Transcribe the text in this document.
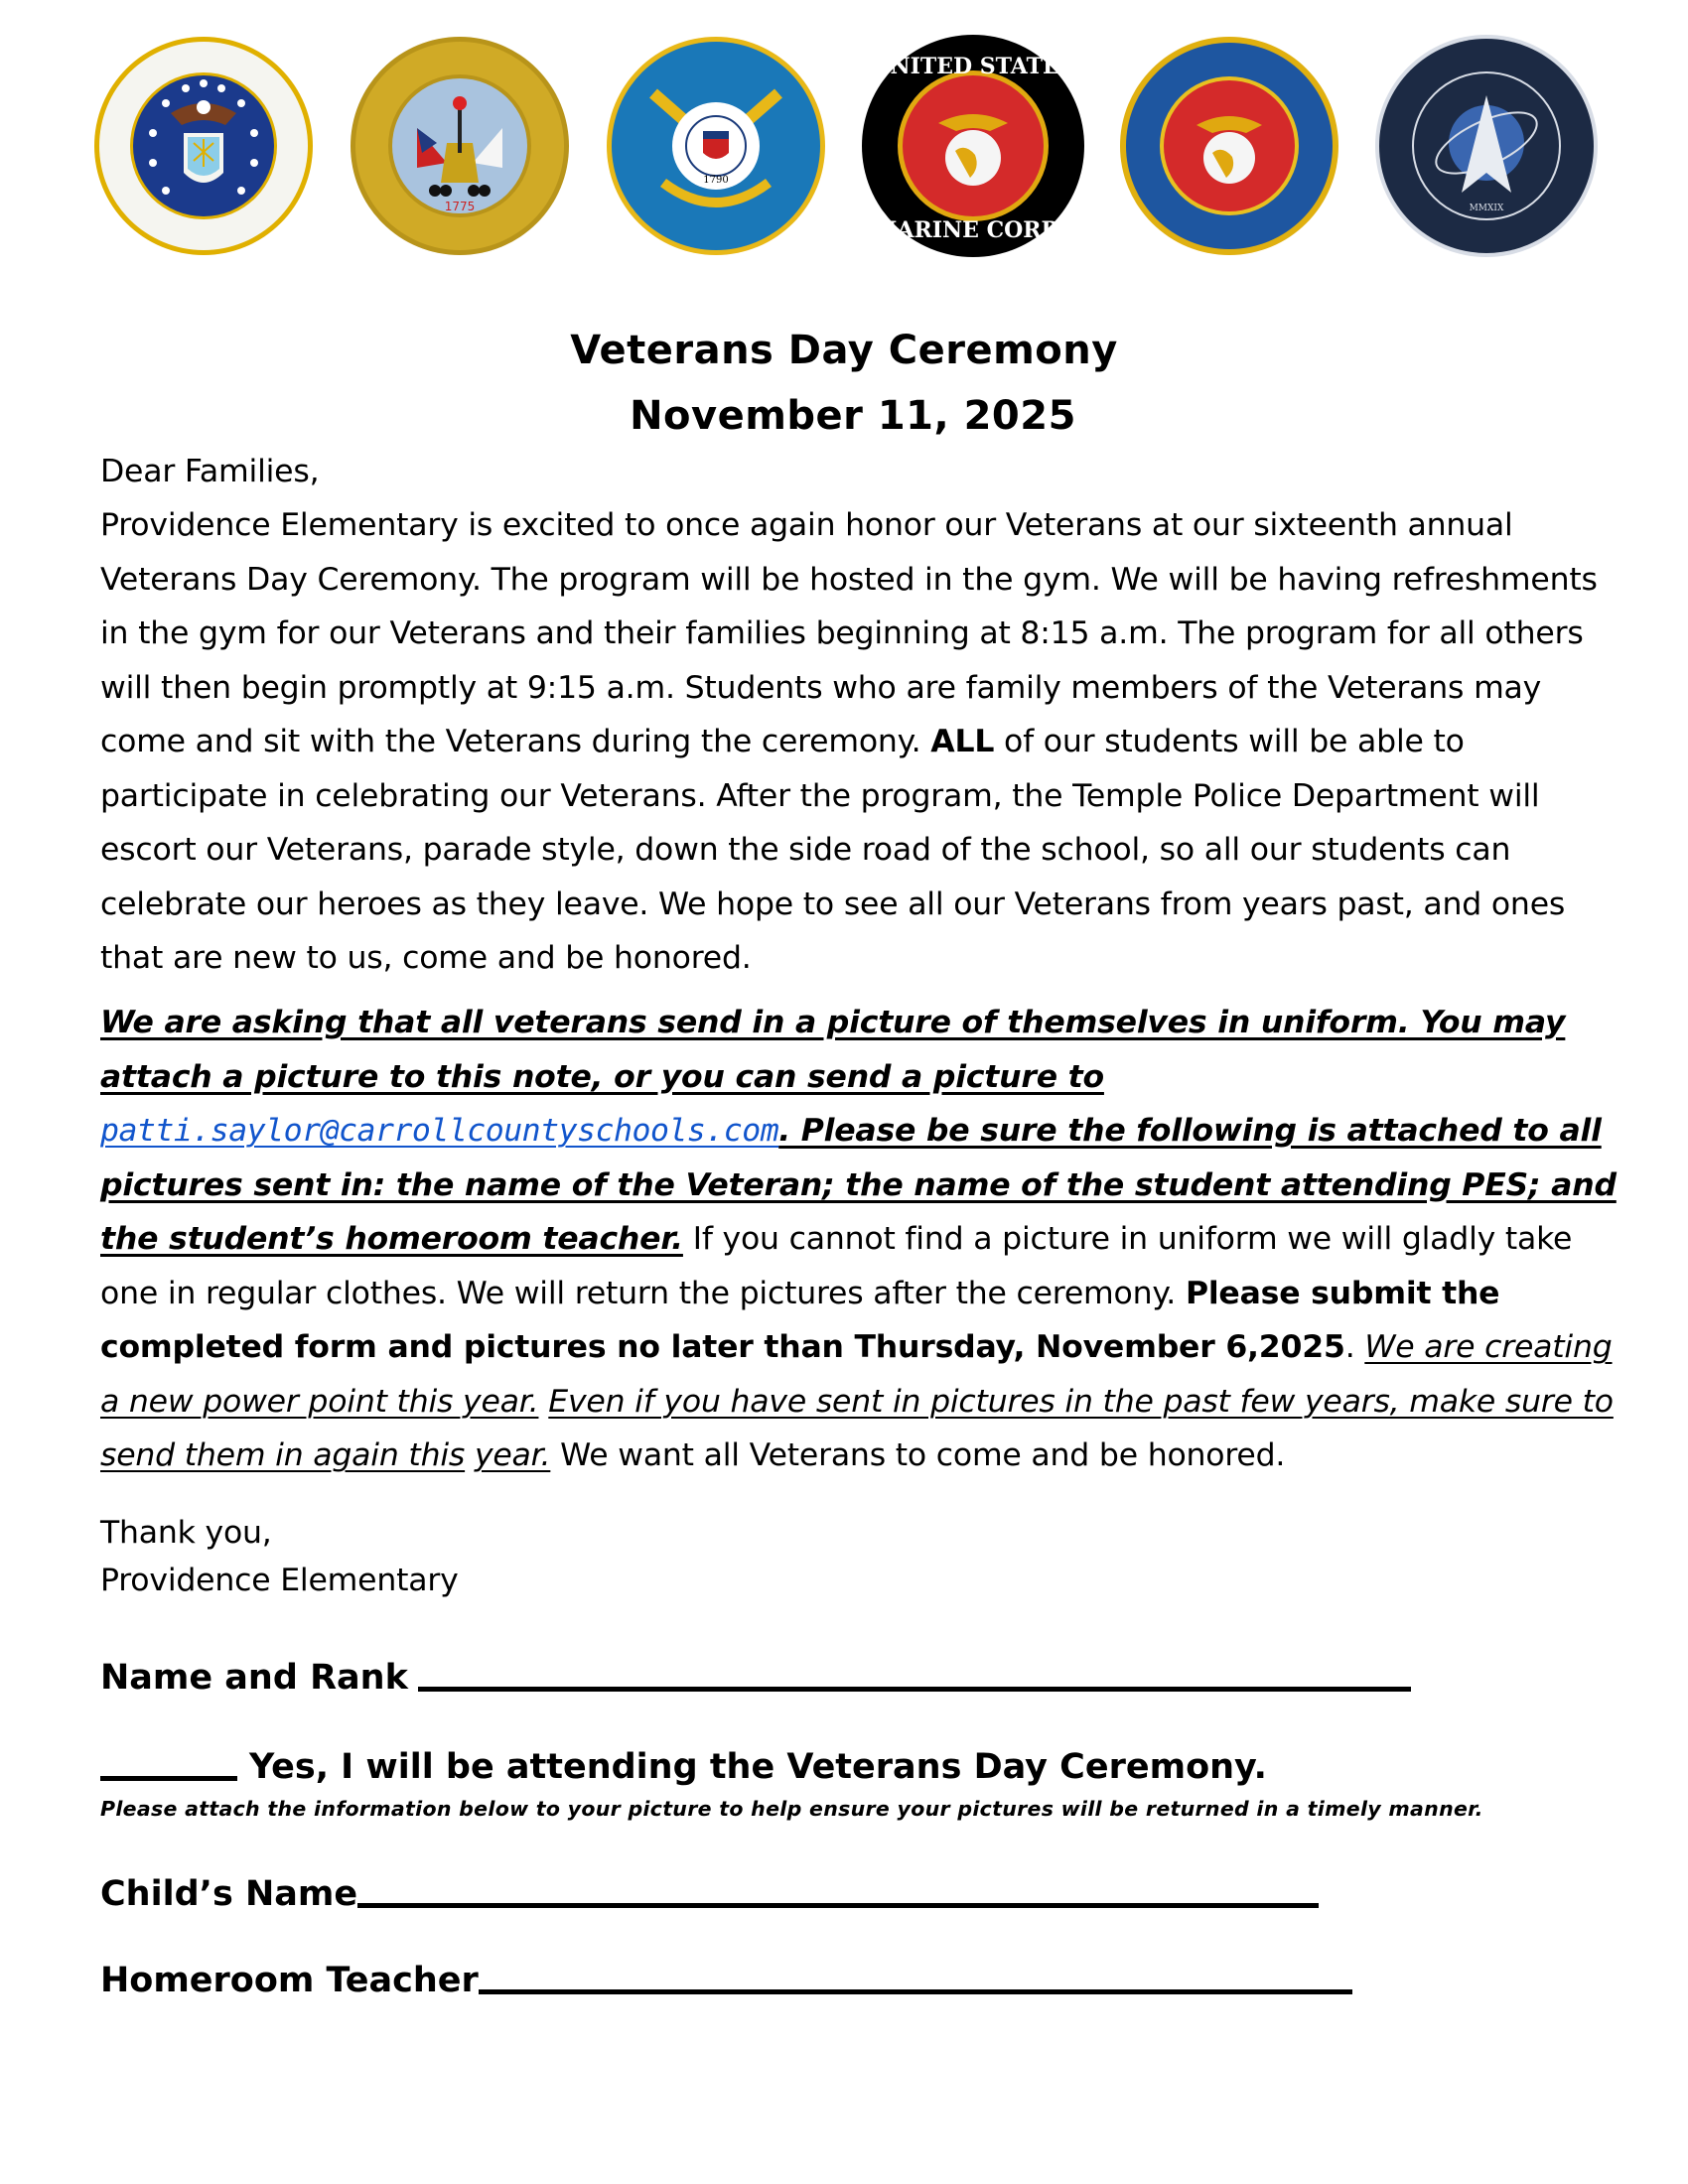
1775
1790
UNITED STATES
MARINE CORPS
MMXIX
Veterans Day Ceremony
November 11, 2025
Dear Families,
Providence Elementary is excited to once again honor our Veterans at our sixteenth annual Veterans Day Ceremony. The program will be hosted in the gym. We will be having refreshments in the gym for our Veterans and their families beginning at 8:15 a.m. The program for all others will then begin promptly at 9:15 a.m. Students who are family members of the Veterans may come and sit with the Veterans during the ceremony. ALL of our students will be able to participate in celebrating our Veterans. After the program, the Temple Police Department will escort our Veterans, parade style, down the side road of the school, so all our students can celebrate our heroes as they leave. We hope to see all our Veterans from years past, and ones that are new to us, come and be honored.
We are asking that all veterans send in a picture of themselves in uniform. You may attach a picture to this note, or you can send a picture to
patti.saylor@carrollcountyschools.com. Please be sure the following is attached to all pictures sent in: the name of the Veteran; the name of the student attending PES; and the student’s homeroom teacher. If you cannot find a picture in uniform we will gladly take one in regular clothes. We will return the pictures after the ceremony. Please submit the completed form and pictures no later than Thursday, November 6,2025. We are creating a new power point this year. Even if you have sent in pictures in the past few years, make sure to send them in again this year. We want all Veterans to come and be honored.
Thank you,
Providence Elementary
Name and Rank
Yes, I will be attending the Veterans Day Ceremony.
Please attach the information below to your picture to help ensure your pictures will be returned in a timely manner.
Child’s Name
Homeroom Teacher
